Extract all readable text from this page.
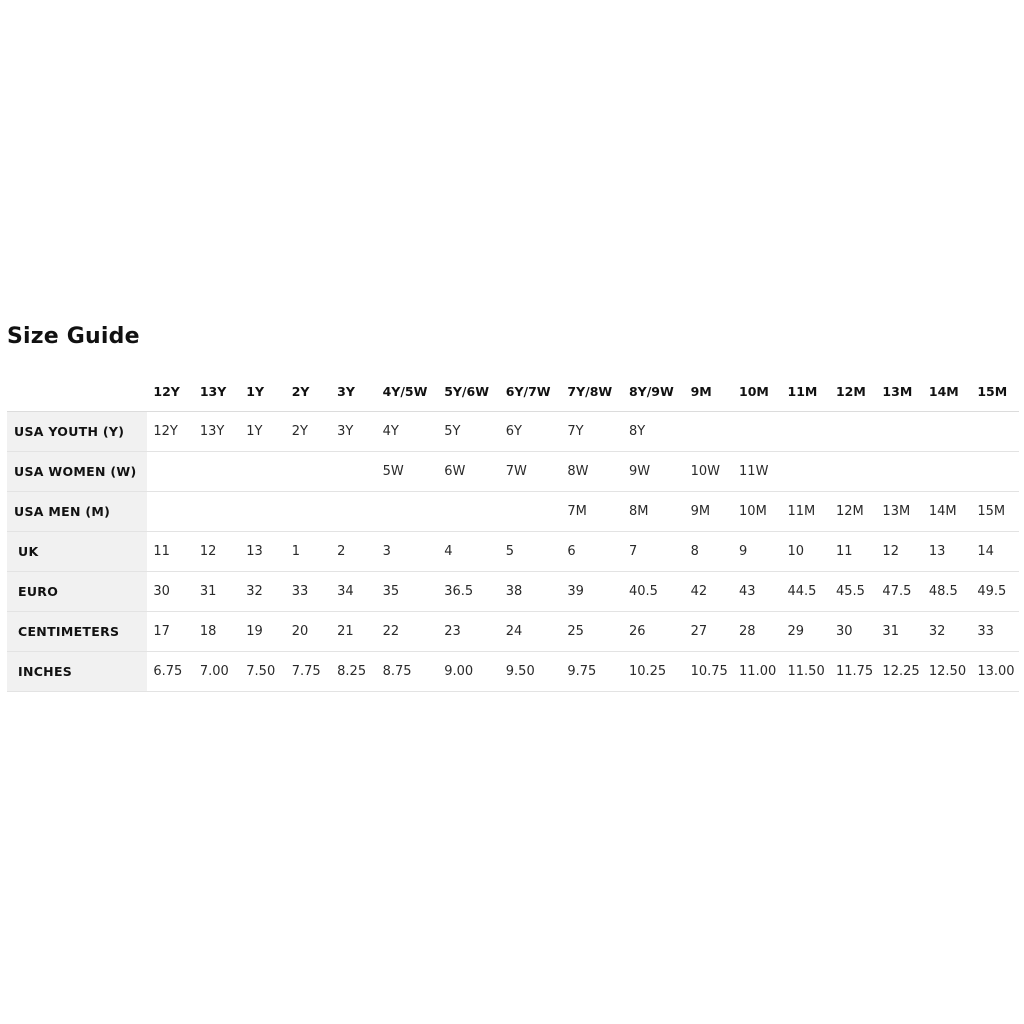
Size Guide
	12Y	13Y	1Y	2Y	3Y	4Y/5W	5Y/6W	6Y/7W	7Y/8W	8Y/9W	9M	10M	11M	12M	13M	14M	15M
USA YOUTH (Y)	12Y	13Y	1Y	2Y	3Y	4Y	5Y	6Y	7Y	8Y							
USA WOMEN (W)						5W	6W	7W	8W	9W	10W	11W					
USA MEN (M)									7M	8M	9M	10M	11M	12M	13M	14M	15M
UK	11	12	13	1	2	3	4	5	6	7	8	9	10	11	12	13	14
EURO	30	31	32	33	34	35	36.5	38	39	40.5	42	43	44.5	45.5	47.5	48.5	49.5
CENTIMETERS	17	18	19	20	21	22	23	24	25	26	27	28	29	30	31	32	33
INCHES	6.75	7.00	7.50	7.75	8.25	8.75	9.00	9.50	9.75	10.25	10.75	11.00	11.50	11.75	12.25	12.50	13.00
